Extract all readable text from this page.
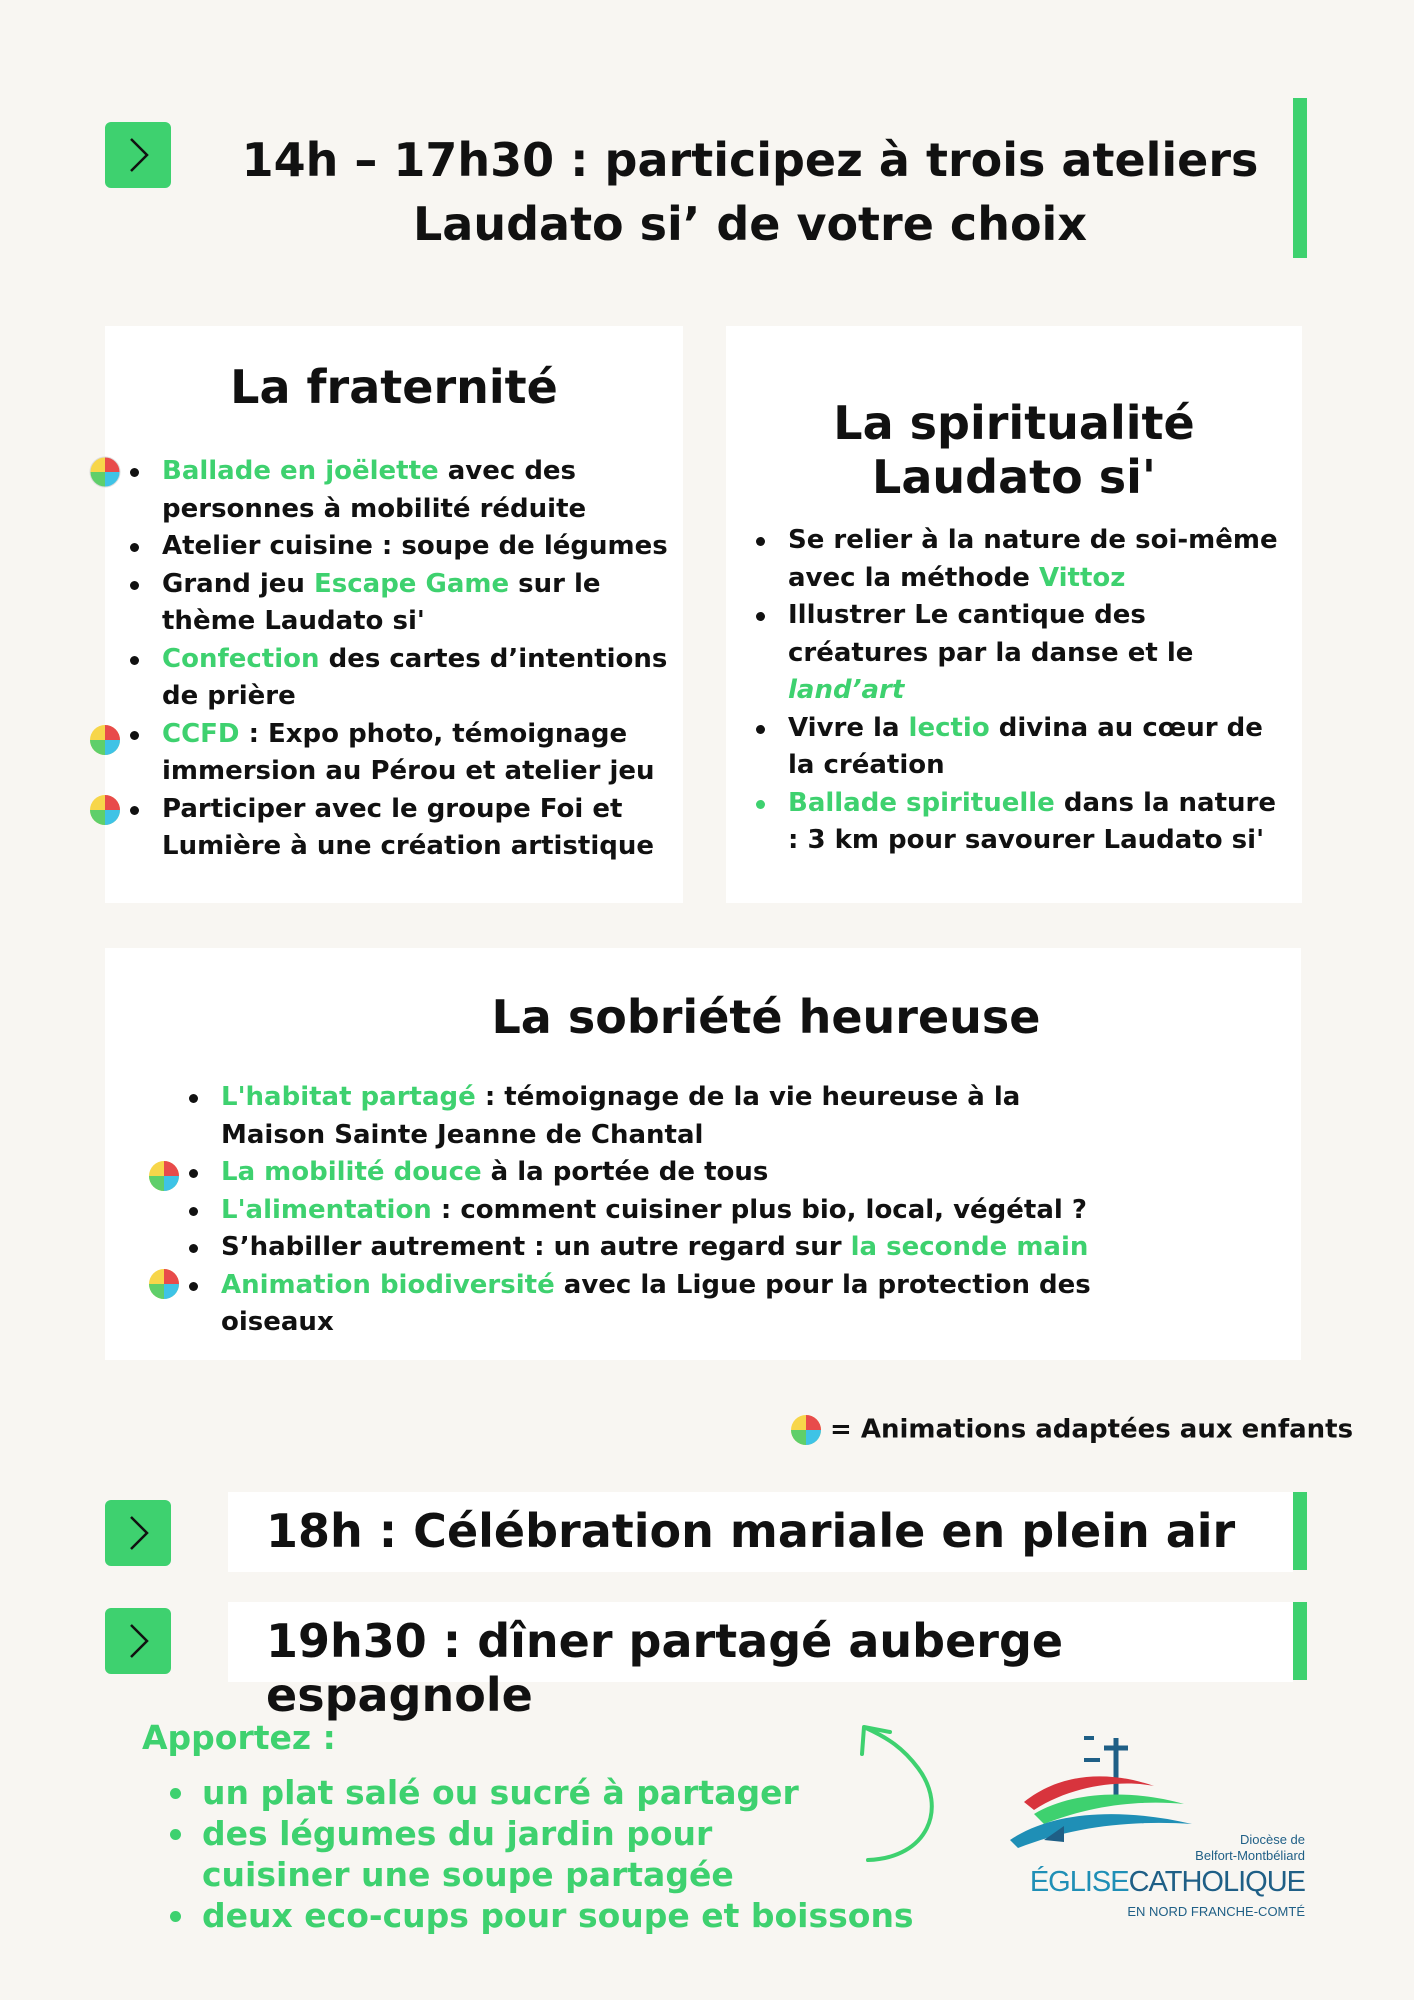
14h – 17h30 : participez à trois ateliers
Laudato si’ de votre choix
La fraternité
Ballade en joëlette avec des personnes à mobilité réduite
Atelier cuisine : soupe de légumes
Grand jeu Escape Game sur le thème Laudato si'
Confection des cartes d’intentions de prière
CCFD : Expo photo, témoignage immersion au Pérou et atelier jeu
Participer avec le groupe Foi et Lumière à une création artistique
La spiritualité
Laudato si'
Se relier à la nature de soi-même avec la méthode Vittoz
Illustrer Le cantique des créatures par la danse et le land’art
Vivre la lectio divina au cœur de la création
Ballade spirituelle dans la nature : 3 km pour savourer Laudato si'
La sobriété heureuse
L'habitat partagé : témoignage de la vie heureuse à la Maison Sainte Jeanne de Chantal
La mobilité douce à la portée de tous
L'alimentation : comment cuisiner plus bio, local, végétal ?
S’habiller autrement : un autre regard sur la seconde main
Animation biodiversité avec la Ligue pour la protection des oiseaux
= Animations adaptées aux enfants
18h : Célébration mariale en plein air
19h30 : dîner partagé auberge espagnole
Apportez :
un plat salé ou sucré à partager
des légumes du jardin pour cuisiner une soupe partagée
deux eco-cups pour soupe et boissons
Diocèse de
Belfort-Montbéliard
ÉGLISECATHOLIQUE
EN NORD FRANCHE-COMTÉ
